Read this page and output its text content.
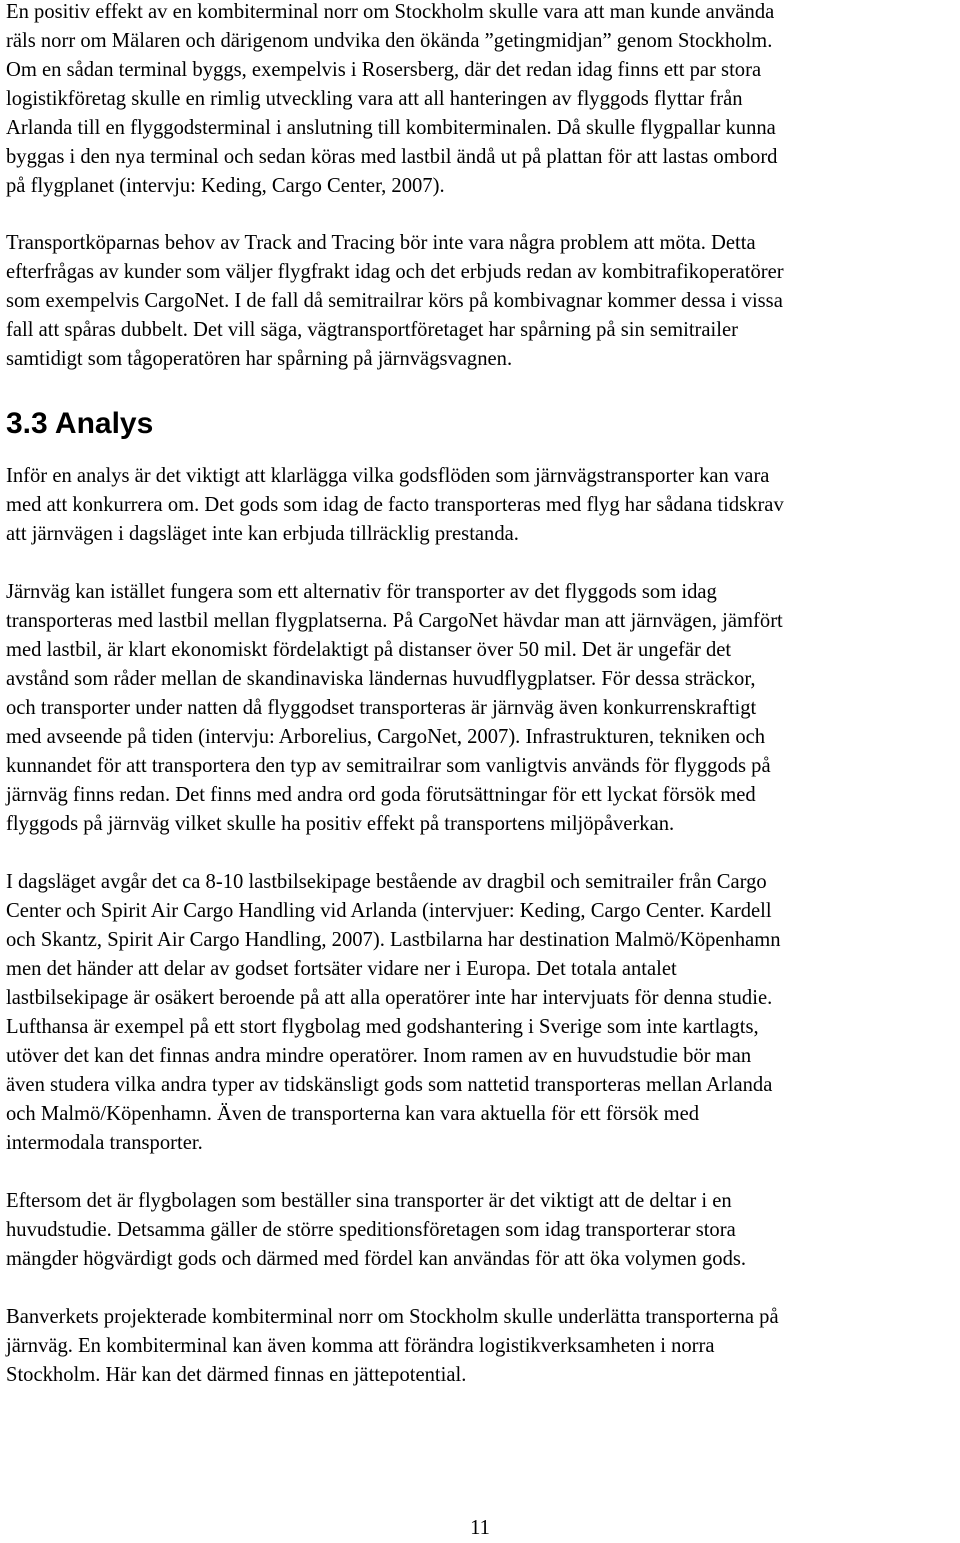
En positiv effekt av en kombiterminal norr om Stockholm skulle vara att man kunde använda
räls norr om Mälaren och därigenom undvika den ökända ”getingmidjan” genom Stockholm.
Om en sådan terminal byggs, exempelvis i Rosersberg, där det redan idag finns ett par stora
logistikföretag skulle en rimlig utveckling vara att all hanteringen av flyggods flyttar från
Arlanda till en flyggodsterminal i anslutning till kombiterminalen. Då skulle flygpallar kunna
byggas i den nya terminal och sedan köras med lastbil ändå ut på plattan för att lastas ombord
på flygplanet (intervju: Keding, Cargo Center, 2007).

Transportköparnas behov av Track and Tracing bör inte vara några problem att möta. Detta
efterfrågas av kunder som väljer flygfrakt idag och det erbjuds redan av kombitrafikoperatörer
som exempelvis CargoNet. I de fall då semitrailrar körs på kombivagnar kommer dessa i vissa
fall att spåras dubbelt. Det vill säga, vägtransportföretaget har spårning på sin semitrailer
samtidigt som tågoperatören har spårning på järnvägsvagnen.

3.3 Analys

Inför en analys är det viktigt att klarlägga vilka godsflöden som järnvägstransporter kan vara
med att konkurrera om. Det gods som idag de facto transporteras med flyg har sådana tidskrav
att järnvägen i dagsläget inte kan erbjuda tillräcklig prestanda.

Järnväg kan istället fungera som ett alternativ för transporter av det flyggods som idag
transporteras med lastbil mellan flygplatserna. På CargoNet hävdar man att järnvägen, jämfört
med lastbil, är klart ekonomiskt fördelaktigt på distanser över 50 mil. Det är ungefär det
avstånd som råder mellan de skandinaviska ländernas huvudflygplatser. För dessa sträckor,
och transporter under natten då flyggodset transporteras är järnväg även konkurrenskraftigt
med avseende på tiden (intervju: Arborelius, CargoNet, 2007). Infrastrukturen, tekniken och
kunnandet för att transportera den typ av semitrailrar som vanligtvis används för flyggods på
järnväg finns redan. Det finns med andra ord goda förutsättningar för ett lyckat försök med
flyggods på järnväg vilket skulle ha positiv effekt på transportens miljöpåverkan.

I dagsläget avgår det ca 8-10 lastbilsekipage bestående av dragbil och semitrailer från Cargo
Center och Spirit Air Cargo Handling vid Arlanda (intervjuer: Keding, Cargo Center. Kardell
och Skantz, Spirit Air Cargo Handling, 2007). Lastbilarna har destination Malmö/Köpenhamn
men det händer att delar av godset fortsäter vidare ner i Europa. Det totala antalet
lastbilsekipage är osäkert beroende på att alla operatörer inte har intervjuats för denna studie.
Lufthansa är exempel på ett stort flygbolag med godshantering i Sverige som inte kartlagts,
utöver det kan det finnas andra mindre operatörer. Inom ramen av en huvudstudie bör man
även studera vilka andra typer av tidskänsligt gods som nattetid transporteras mellan Arlanda
och Malmö/Köpenhamn. Även de transporterna kan vara aktuella för ett försök med
intermodala transporter.

Eftersom det är flygbolagen som beställer sina transporter är det viktigt att de deltar i en
huvudstudie. Detsamma gäller de större speditionsföretagen som idag transporterar stora
mängder högvärdigt gods och därmed med fördel kan användas för att öka volymen gods.

Banverkets projekterade kombiterminal norr om Stockholm skulle underlätta transporterna på
järnväg. En kombiterminal kan även komma att förändra logistikverksamheten i norra
Stockholm. Här kan det därmed finnas en jättepotential.

11
